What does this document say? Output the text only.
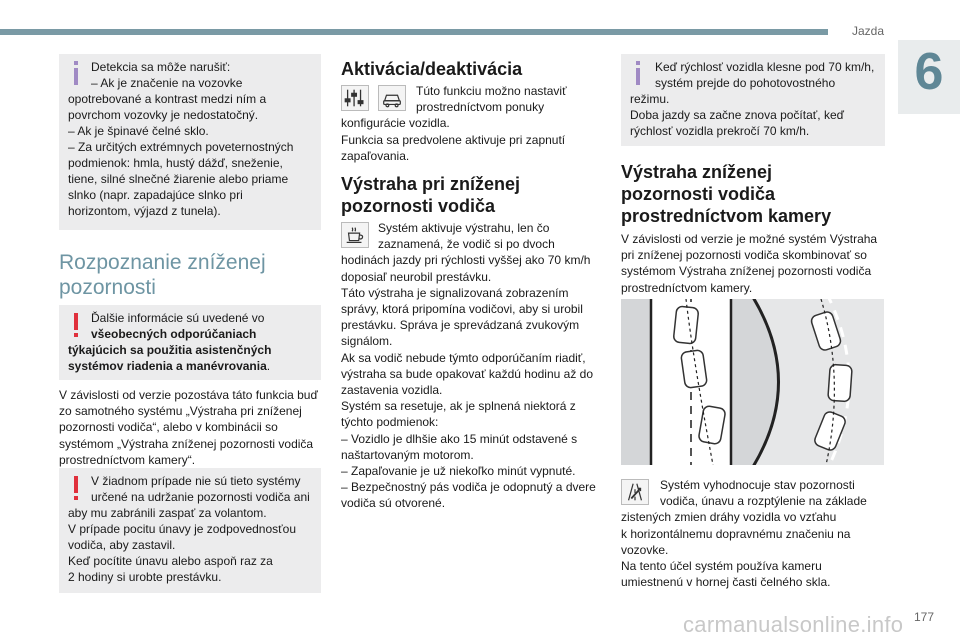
Jazda
6

Detekcia sa môže narušiť:

– Ak je značenie na vozovke

opotrebované a kontrast medzi ním a

povrchom vozovky je nedostatočný.

– Ak je špinavé čelné sklo.

– Za určitých extrémnych poveternostných

podmienok: hmla, hustý dážď, sneženie,

tiene, silné slnečné žiarenie alebo priame

slnko (napr. zapadajúce slnko pri

horizontom, výjazd z tunela).

Rozpoznanie zníženej
pozornosti

Ďalšie informácie sú uvedené vo

všeobecných odporúčaniach

týkajúcich sa použitia asistenčných

systémov riadenia a manévrovania.

V závislosti od verzie pozostáva táto funkcia buď
zo samotného systému „Výstraha pri zníženej
pozornosti vodiča“, alebo v kombinácii so
systémom „Výstraha zníženej pozornosti vodiča
prostredníctvom kamery“.

V žiadnom prípade nie sú tieto systémy

určené na udržanie pozornosti vodiča ani

aby mu zabránili zaspať za volantom.

V prípade pocitu únavy je zodpovednosťou

vodiča, aby zastavil.

Keď pocítite únavu alebo aspoň raz za

2 hodiny si urobte prestávku.

Aktivácia/deaktivácia
Túto funkciu možno nastaviť
prostredníctvom ponuky
konfigurácie vozidla.
Funkcia sa predvolene aktivuje pri zapnutí
zapaľovania.
Výstraha pri zníženej
pozornosti vodiča
Systém aktivuje výstrahu, len čo
zaznamená, že vodič si po dvoch
hodinách jazdy pri rýchlosti vyššej ako 70 km/h
doposiaľ neurobil prestávku.
Táto výstraha je signalizovaná zobrazením
správy, ktorá pripomína vodičovi, aby si urobil
prestávku. Správa je sprevádzaná zvukovým
signálom.
Ak sa vodič nebude týmto odporúčaním riadiť,
výstraha sa bude opakovať každú hodinu až do
zastavenia vozidla.
Systém sa resetuje, ak je splnená niektorá z
týchto podmienok:
– Vozidlo je dlhšie ako 15 minút odstavené s
naštartovaným motorom.
– Zapaľovanie je už niekoľko minút vypnuté.
– Bezpečnostný pás vodiča je odopnutý a dvere
vodiča sú otvorené.

Keď rýchlosť vozidla klesne pod 70 km/h,

systém prejde do pohotovostného

režimu.

Doba jazdy sa začne znova počítať, keď

rýchlosť vozidla prekročí 70 km/h.

Výstraha zníženej
pozornosti vodiča
prostredníctvom kamery
V závislosti od verzie je možné systém Výstraha
pri zníženej pozornosti vodiča skombinovať so
systémom Výstraha zníženej pozornosti vodiča
prostredníctvom kamery.
Systém vyhodnocuje stav pozornosti
vodiča, únavu a rozptýlenie na základe
zistených zmien dráhy vozidla vo vzťahu
k horizontálnemu dopravnému značeniu na
vozovke.
Na tento účel systém používa kameru
umiestnenú v hornej časti čelného skla.
carmanualsonline.info 177
